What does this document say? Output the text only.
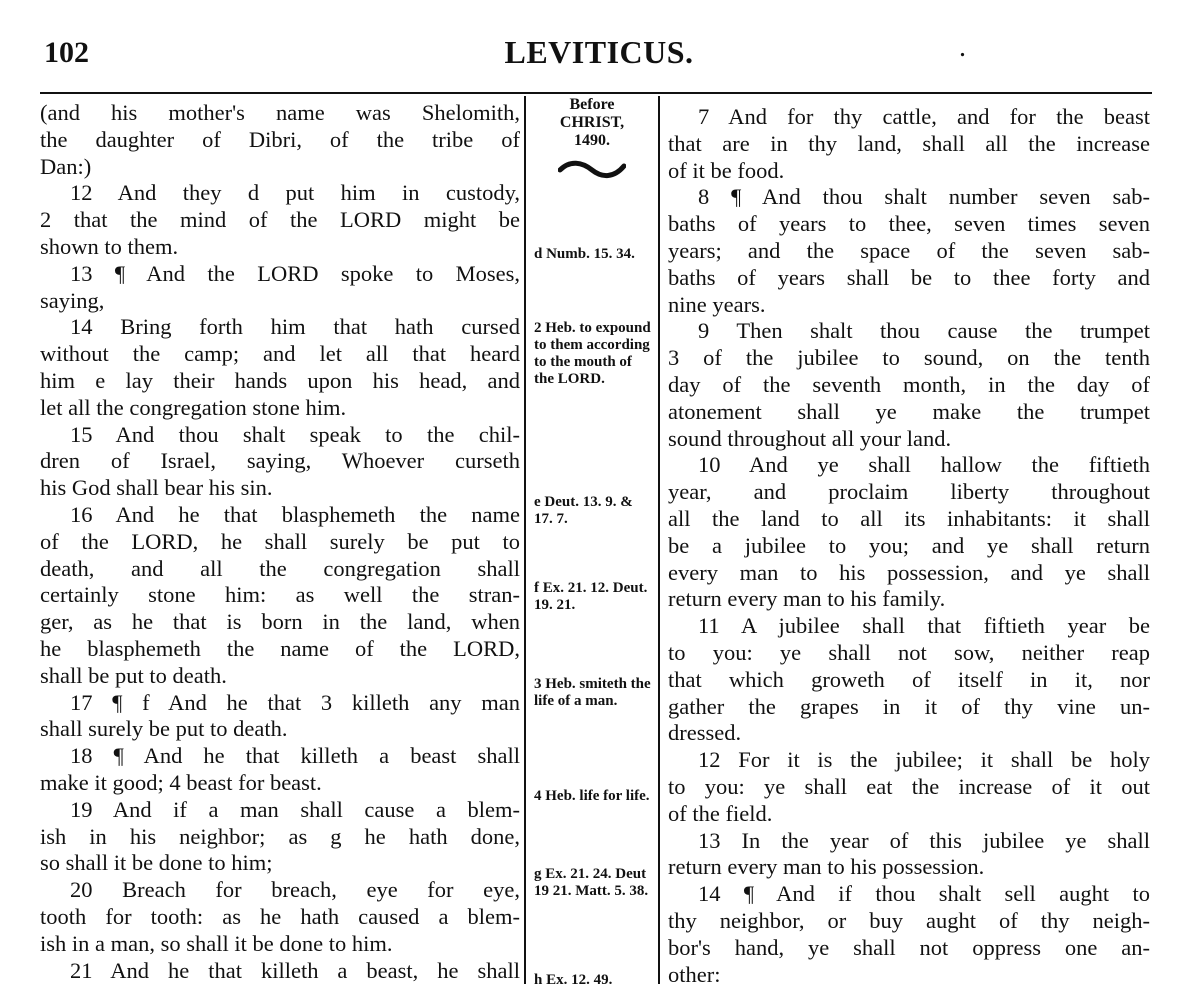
102	LEVITICUS.	.

(and his mother's name was Shelomith,

the daughter of Dibri, of the tribe of

Dan:)

12 And they d put him in custody,

2 that the mind of the LORD might be

shown to them.

13 ¶ And the LORD spoke to Moses,

saying,

14 Bring forth him that hath cursed

without the camp; and let all that heard

him e lay their hands upon his head, and

let all the congregation stone him.

15 And thou shalt speak to the chil-

dren of Israel, saying, Whoever curseth

his God shall bear his sin.

16 And he that blasphemeth the name

of the LORD, he shall surely be put to

death, and all the congregation shall

certainly stone him: as well the stran-

ger, as he that is born in the land, when

he blasphemeth the name of the LORD,

shall be put to death.

17 ¶ f And he that 3 killeth any man

shall surely be put to death.

18 ¶ And he that killeth a beast shall

make it good; 4 beast for beast.

19 And if a man shall cause a blem-

ish in his neighbor; as g he hath done,

so shall it be done to him;

20 Breach for breach, eye for eye,

tooth for tooth: as he hath caused a blem-

ish in a man, so shall it be done to him.

21 And he that killeth a beast, he shall

Before
CHRIST,
1490.
d Numb. 15. 34.
2 Heb. to expound to them according to the mouth of the LORD.
e Deut. 13. 9. & 17. 7.
f Ex. 21. 12. Deut. 19. 21.
3 Heb. smiteth the life of a man.
4 Heb. life for life.
g Ex. 21. 24. Deut 19 21. Matt. 5. 38.
h Ex. 12. 49.

7 And for thy cattle, and for the beast

that are in thy land, shall all the increase

of it be food.

8 ¶ And thou shalt number seven sab-

baths of years to thee, seven times seven

years; and the space of the seven sab-

baths of years shall be to thee forty and

nine years.

9 Then shalt thou cause the trumpet

3 of the jubilee to sound, on the tenth

day of the seventh month, in the day of

atonement shall ye make the trumpet

sound throughout all your land.

10 And ye shall hallow the fiftieth

year, and proclaim liberty throughout

all the land to all its inhabitants: it shall

be a jubilee to you; and ye shall return

every man to his possession, and ye shall

return every man to his family.

11 A jubilee shall that fiftieth year be

to you: ye shall not sow, neither reap

that which groweth of itself in it, nor

gather the grapes in it of thy vine un-

dressed.

12 For it is the jubilee; it shall be holy

to you: ye shall eat the increase of it out

of the field.

13 In the year of this jubilee ye shall

return every man to his possession.

14 ¶ And if thou shalt sell aught to

thy neighbor, or buy aught of thy neigh-

bor's hand, ye shall not oppress one an-

other:
